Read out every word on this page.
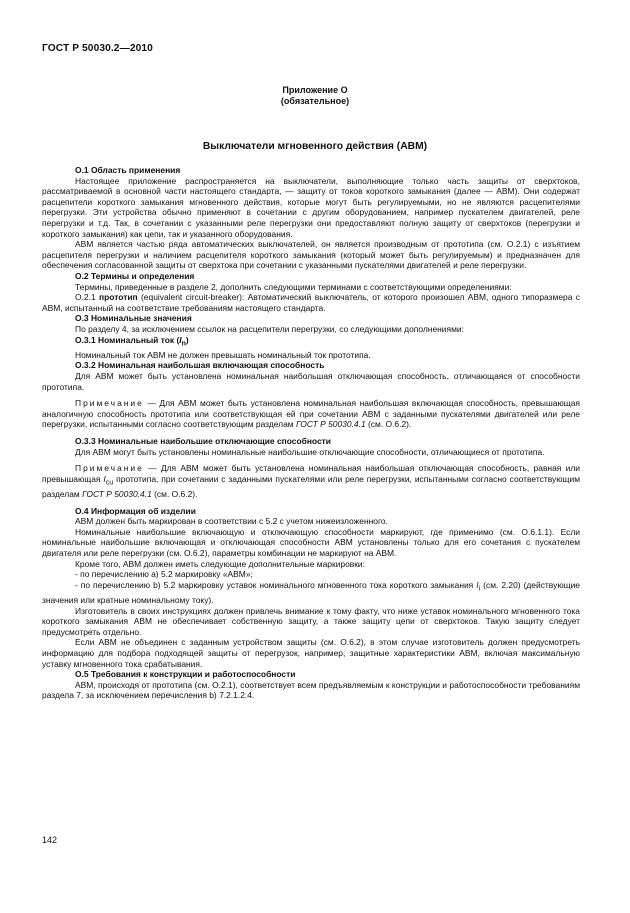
ГОСТ Р 50030.2—2010
Приложение О
(обязательное)
Выключатели мгновенного действия (АВМ)

О.1 Область применения

Настоящее приложение распространяется на выключатели, выполняющие только часть защиты от сверхтоков, рассматриваемой в основной части настоящего стандарта, — защиту от токов короткого замыкания (далее — АВМ). Они содержат расцепители короткого замыкания мгновенного действия, которые могут быть регулируемыми, но не являются расцепителями перегрузки. Эти устройства обычно применяют в сочетании с другим оборудованием, например пускателем двигателей, реле перегрузки и т.д. Так, в сочетании с указанными реле перегрузки они предоставляют полную защиту от сверхтоков (перегрузки и короткого замыкания) как цепи, так и указанного оборудования.

АВМ является частью ряда автоматических выключателей, он является производным от прототипа (см. О.2.1) с изъятием расцепителя перегрузки и наличием расцепителя короткого замыкания (который может быть регулируемым) и предназначен для обеспечения согласованной защиты от сверхтока при сочетании с указанными пускателями двигателей и реле перегрузки.

О.2 Термины и определения

Термины, приведенные в разделе 2, дополнить следующими терминами с соответствующими определениями:

О.2.1 прототип (equivalent circuit-breaker): Автоматический выключатель, от которого произошел АВМ, одного типоразмера с АВМ, испытанный на соответствие требованиям настоящего стандарта.

О.3 Номинальные значения

По разделу 4, за исключением ссылок на расцепители перегрузки, со следующими дополнениями:

О.3.1 Номинальный ток $(I_n)$

Номинальный ток АВМ не должен превышать номинальный ток прототипа.

О.3.2 Номинальная наибольшая включающая способность

Для АВМ может быть установлена номинальная наибольшая отключающая способность, отличающаяся от способности прототипа.

Примечание — Для АВМ может быть установлена номинальная наибольшая включающая способность, превышающая аналогичную способность прототипа или соответствующая ей при сочетании АВМ с заданными пускателями двигателей или реле перегрузки, испытанными согласно соответствующим разделам ГОСТ Р 50030.4.1 (см. О.6.2).

О.3.3 Номинальные наибольшие отключающие способности

Для АВМ могут быть установлены номинальные наибольшие отключающие способности, отличающиеся от прототипа.

Примечание — Для АВМ может быть установлена номинальная наибольшая отключающая способность, равная или превышающая $I_{cu}$ прототипа, при сочетании с заданными пускателями или реле перегрузки, испытанными согласно соответствующим разделам ГОСТ Р 50030.4.1 (см. О.6.2).

О.4 Информация об изделии

АВМ должен быть маркирован в соответствии с 5.2 с учетом нижеизложенного.

Номинальные наибольшие включающую и отключающую способности маркируют, где применимо (см. О.6.1.1). Если номинальные наибольшие включающая и отключающая способности АВМ установлены только для его сочетания с пускателем двигателя или реле перегрузки (см. О.6.2), параметры комбинации не маркируют на АВМ.

Кроме того, АВМ должен иметь следующие дополнительные маркировки:

- по перечислению а) 5.2 маркировку «АВМ»;

- по перечислению b) 5.2 маркировку уставок номинального мгновенного тока короткого замыкания $I_i$ (см. 2.20) (действующие значения или кратные номинальному току).

Изготовитель в своих инструкциях должен привлечь внимание к тому факту, что ниже уставок номинального мгновенного тока короткого замыкания АВМ не обеспечивает собственную защиту, а также защиту цепи от сверхтоков. Такую защиту следует предусмотреть отдельно.

Если АВМ не объединен с заданным устройством защиты (см. О.6.2), в этом случае изготовитель должен предусмотреть информацию для подбора подходящей защиты от перегрузок, например, защитные характеристики АВМ, включая максимальную уставку мгновенного тока срабатывания.

О.5 Требования к конструкции и работоспособности

АВМ, происходя от прототипа (см. О.2.1), соответствует всем предъявляемым к конструкции и работоспособности требованиям раздела 7, за исключением перечисления b) 7.2.1.2.4.

142
